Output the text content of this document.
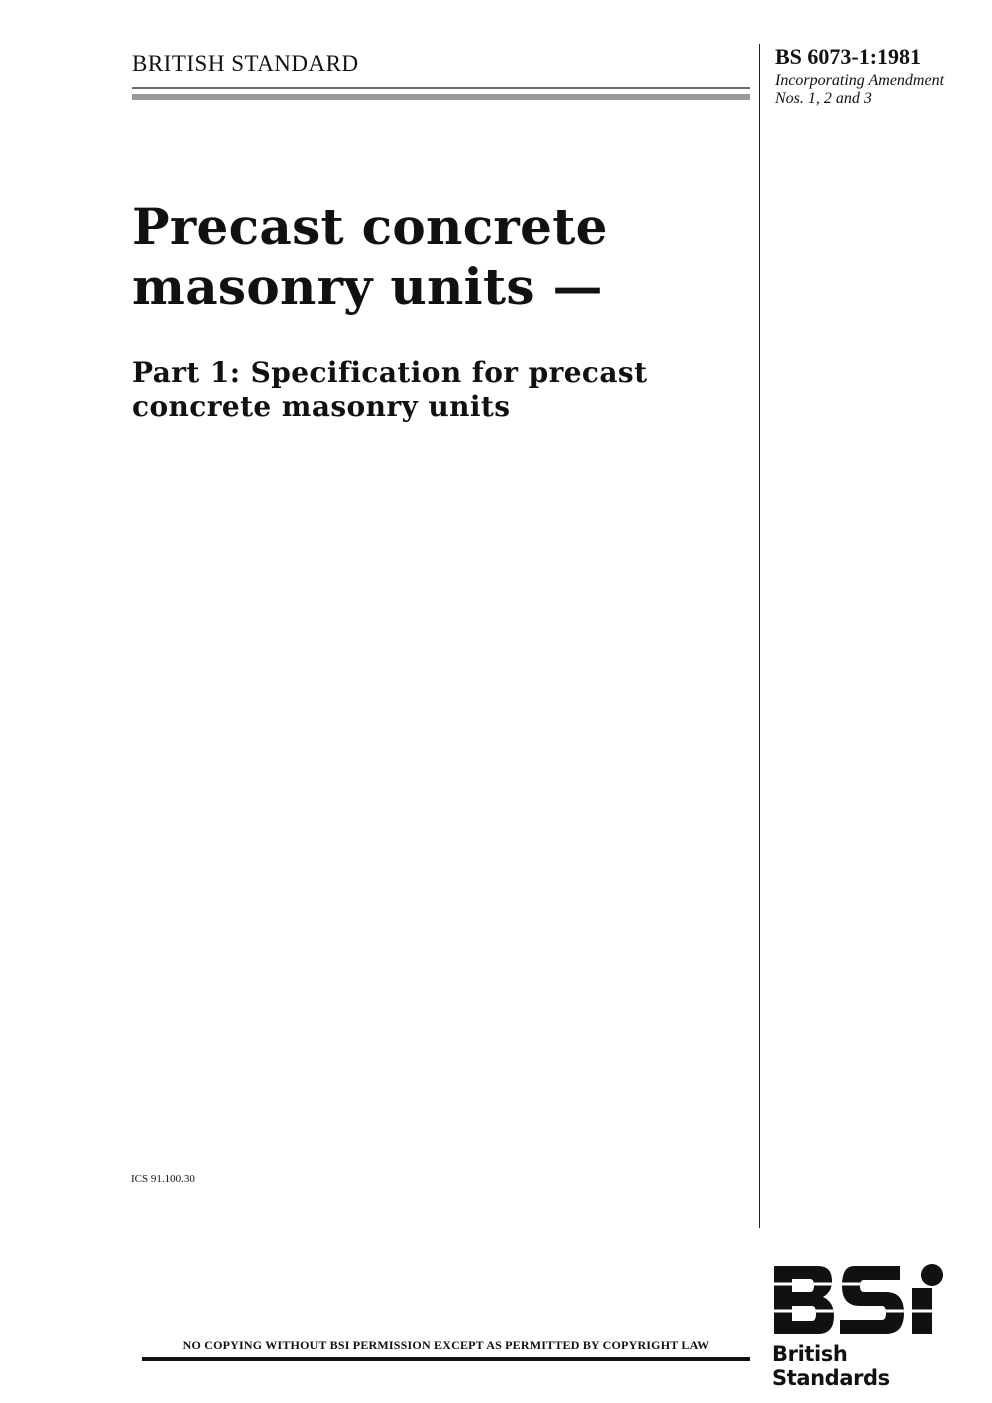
BRITISH STANDARD	BS 6073-1:1981
Incorporating Amendment Nos. 1, 2 and 3
Precast concrete
masonry units —
Part 1: Specification for precast
concrete masonry units
ICS 91.100.30
NO COPYING WITHOUT BSI PERMISSION EXCEPT AS PERMITTED BY COPYRIGHT LAW	British Standards
